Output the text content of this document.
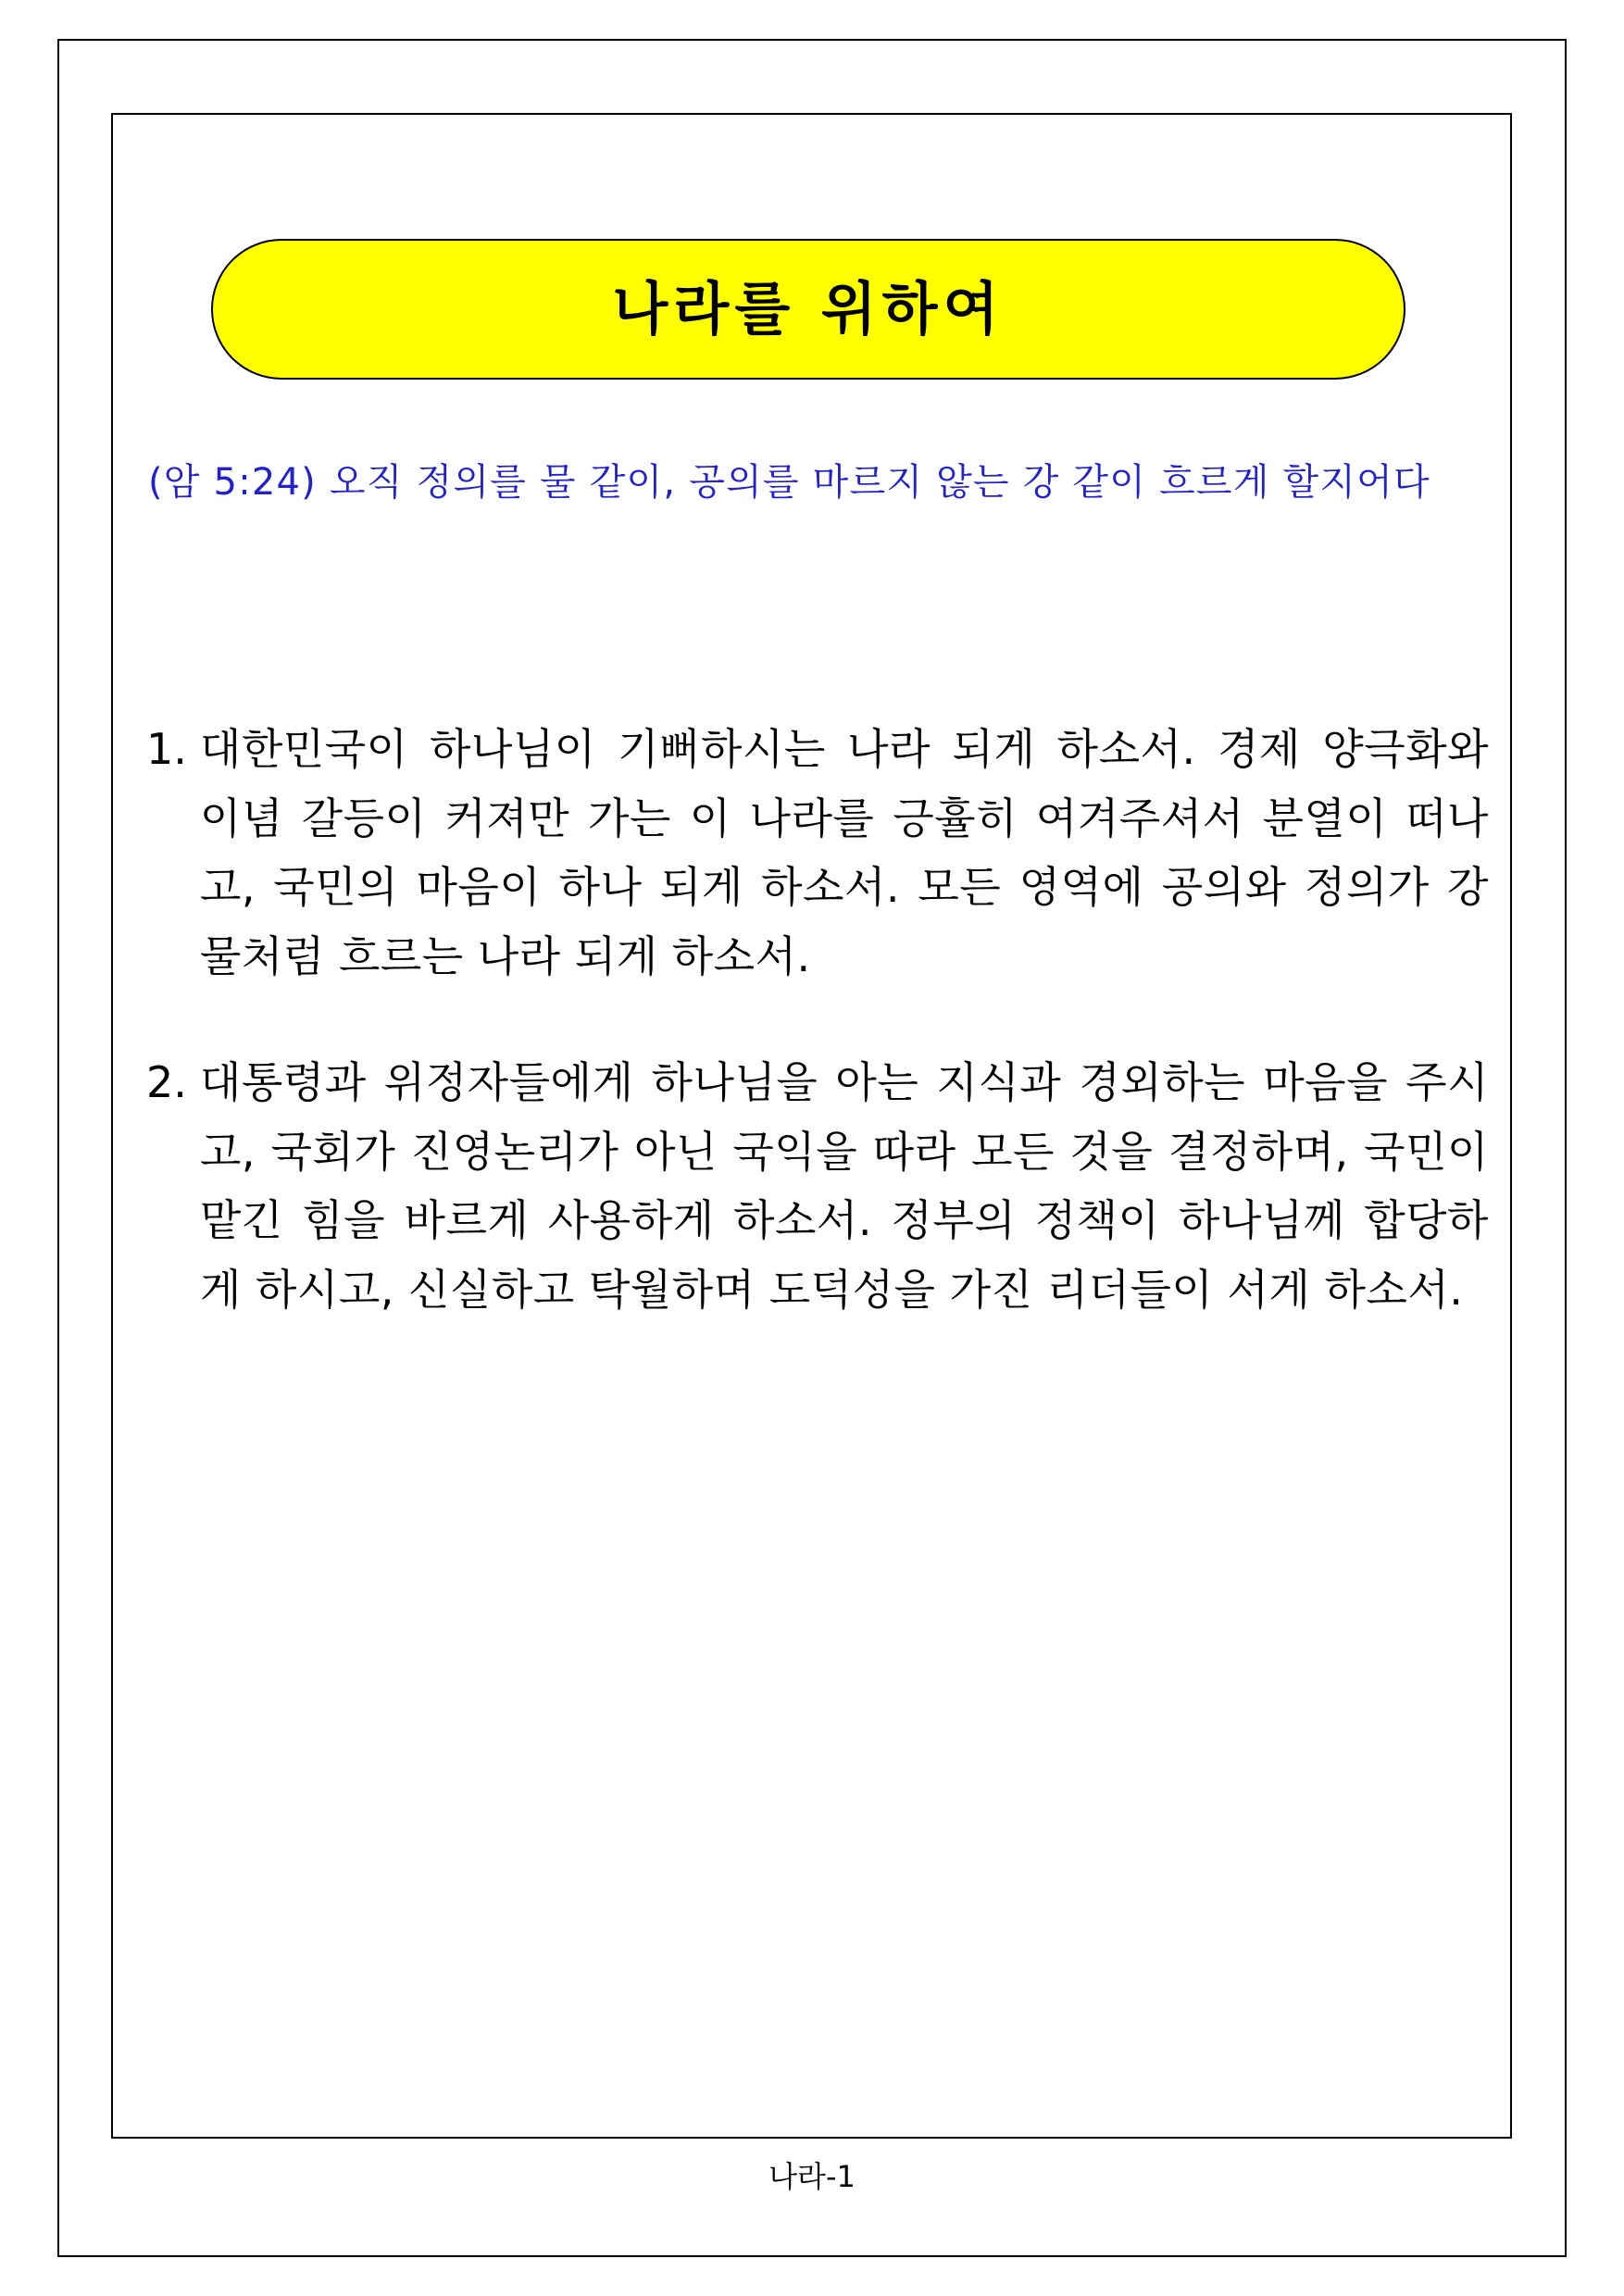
나라를 위하여
(암 5:24) 오직 정의를 물 같이, 공의를 마르지 않는 강 같이 흐르게 할지어다
1. 대한민국이 하나님이 기뻐하시는 나라 되게 하소서. 경제 양극화와 이념 갈등이 커져만 가는 이 나라를 긍휼히 여겨주셔서 분열이 떠나고, 국민의 마음이 하나 되게 하소서. 모든 영역에 공의와 정의가 강물처럼 흐르는 나라 되게 하소서.
2. 대통령과 위정자들에게 하나님을 아는 지식과 경외하는 마음을 주시고, 국회가 진영논리가 아닌 국익을 따라 모든 것을 결정하며, 국민이 맡긴 힘을 바르게 사용하게 하소서. 정부의 정책이 하나님께 합당하게 하시고, 신실하고 탁월하며 도덕성을 가진 리더들이 서게 하소서.
나라-1
